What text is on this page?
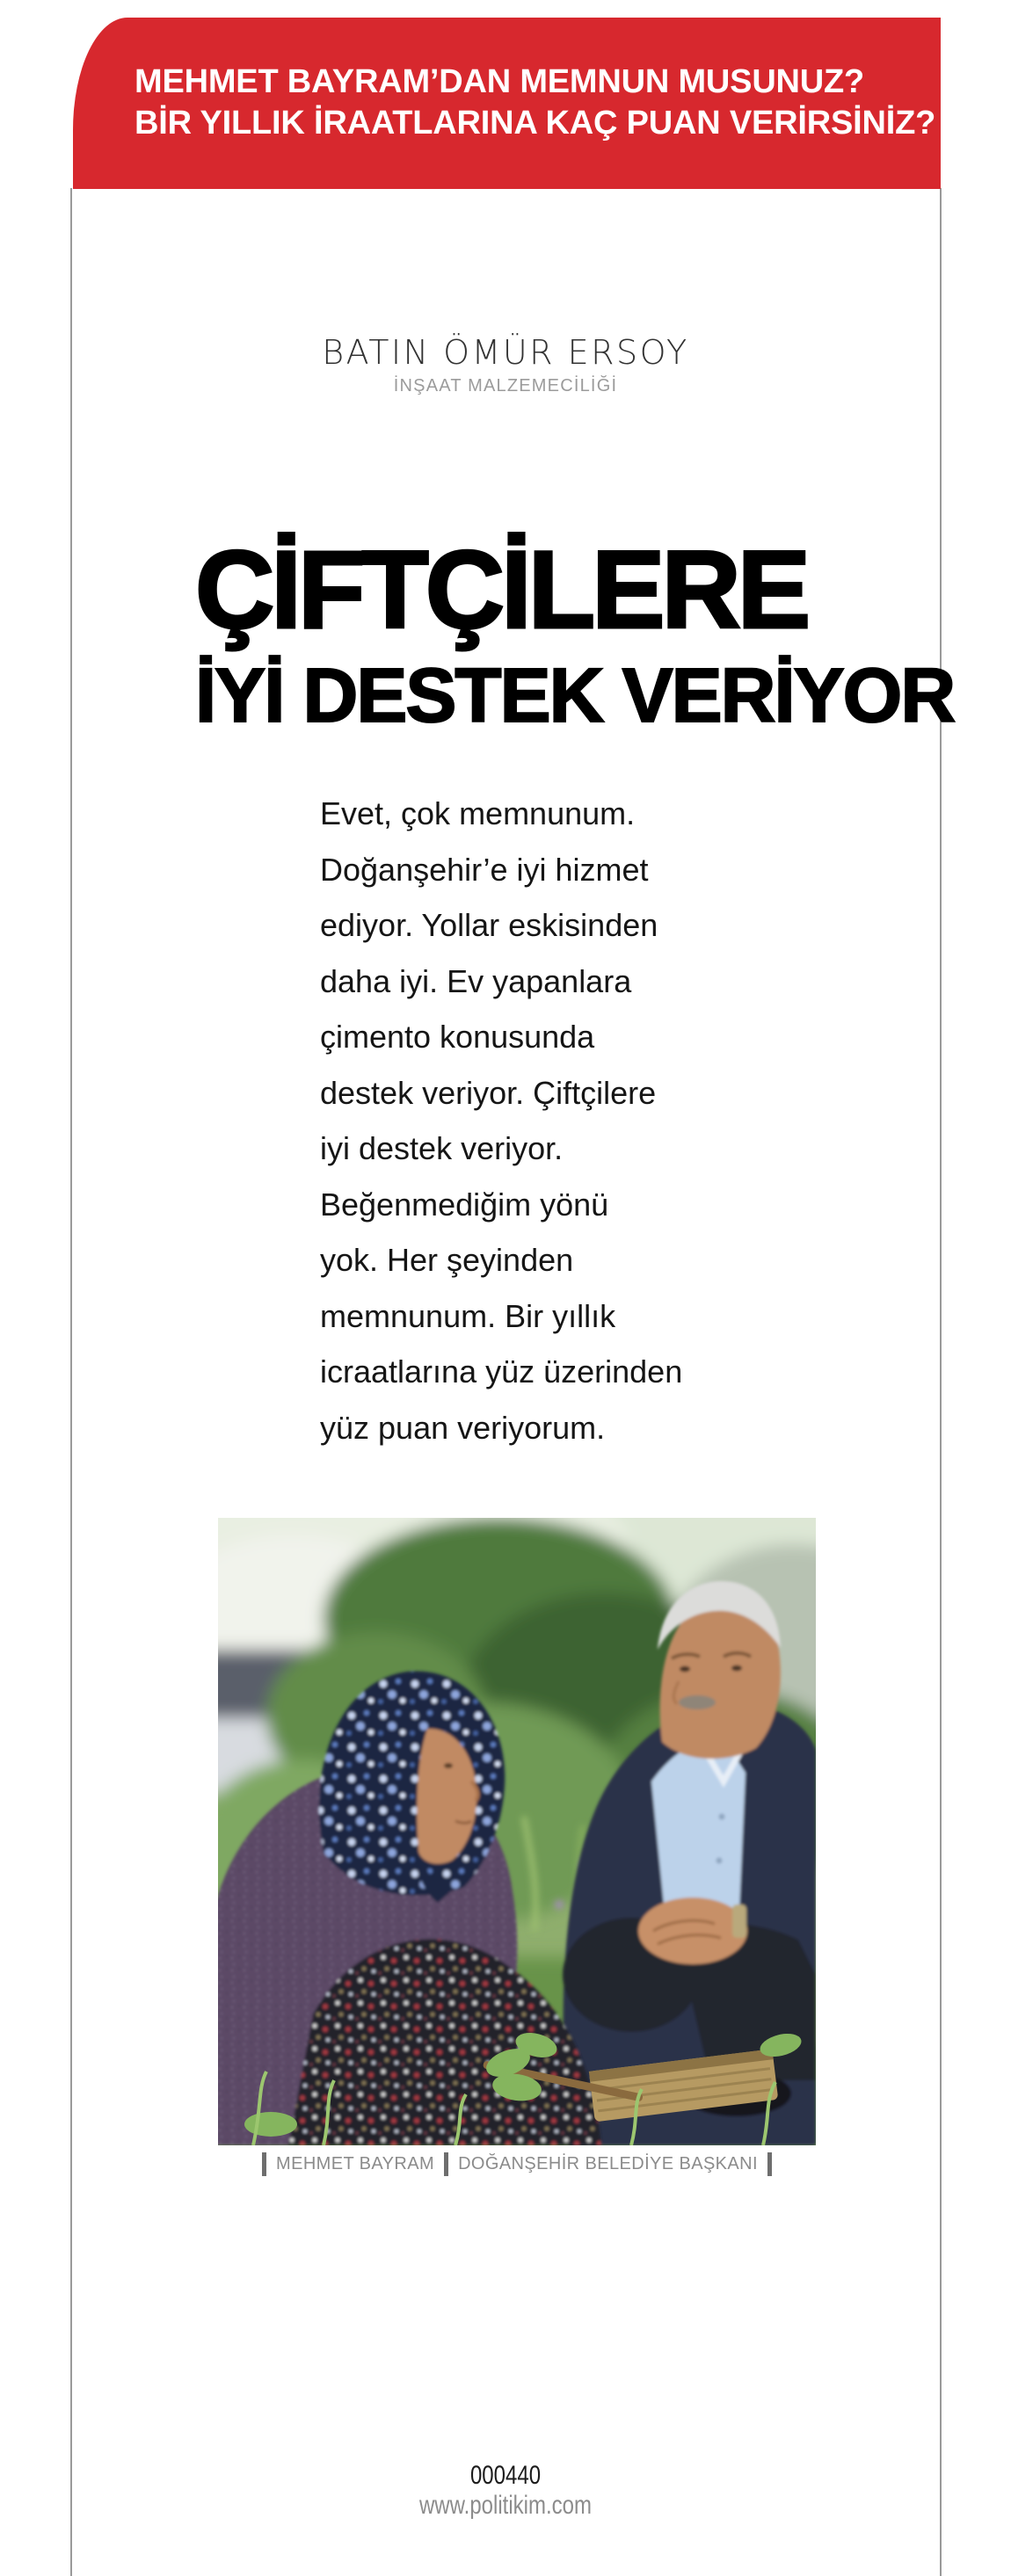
MEHMET BAYRAM’DAN MEMNUN MUSUNUZ?
BİR YILLIK İRAATLARINA KAÇ PUAN VERİRSİNİZ?
BATIN ÖMÜR ERSOY
İNŞAAT MALZEMECİLİĞİ
ÇİFTÇİLERE
İYİ DESTEK VERİYOR
Evet, çok memnunum.
Doğanşehir’e iyi hizmet
ediyor. Yollar eskisinden
daha iyi. Ev yapanlara
çimento konusunda
destek veriyor. Çiftçilere
iyi destek veriyor.
Beğenmediğim yönü
yok. Her şeyinden
memnunum. Bir yıllık
icraatlarına yüz üzerinden
yüz puan veriyorum.
MEHMET BAYRAM DOĞANŞEHİR BELEDİYE BAŞKANI
000440
www.politikim.com
